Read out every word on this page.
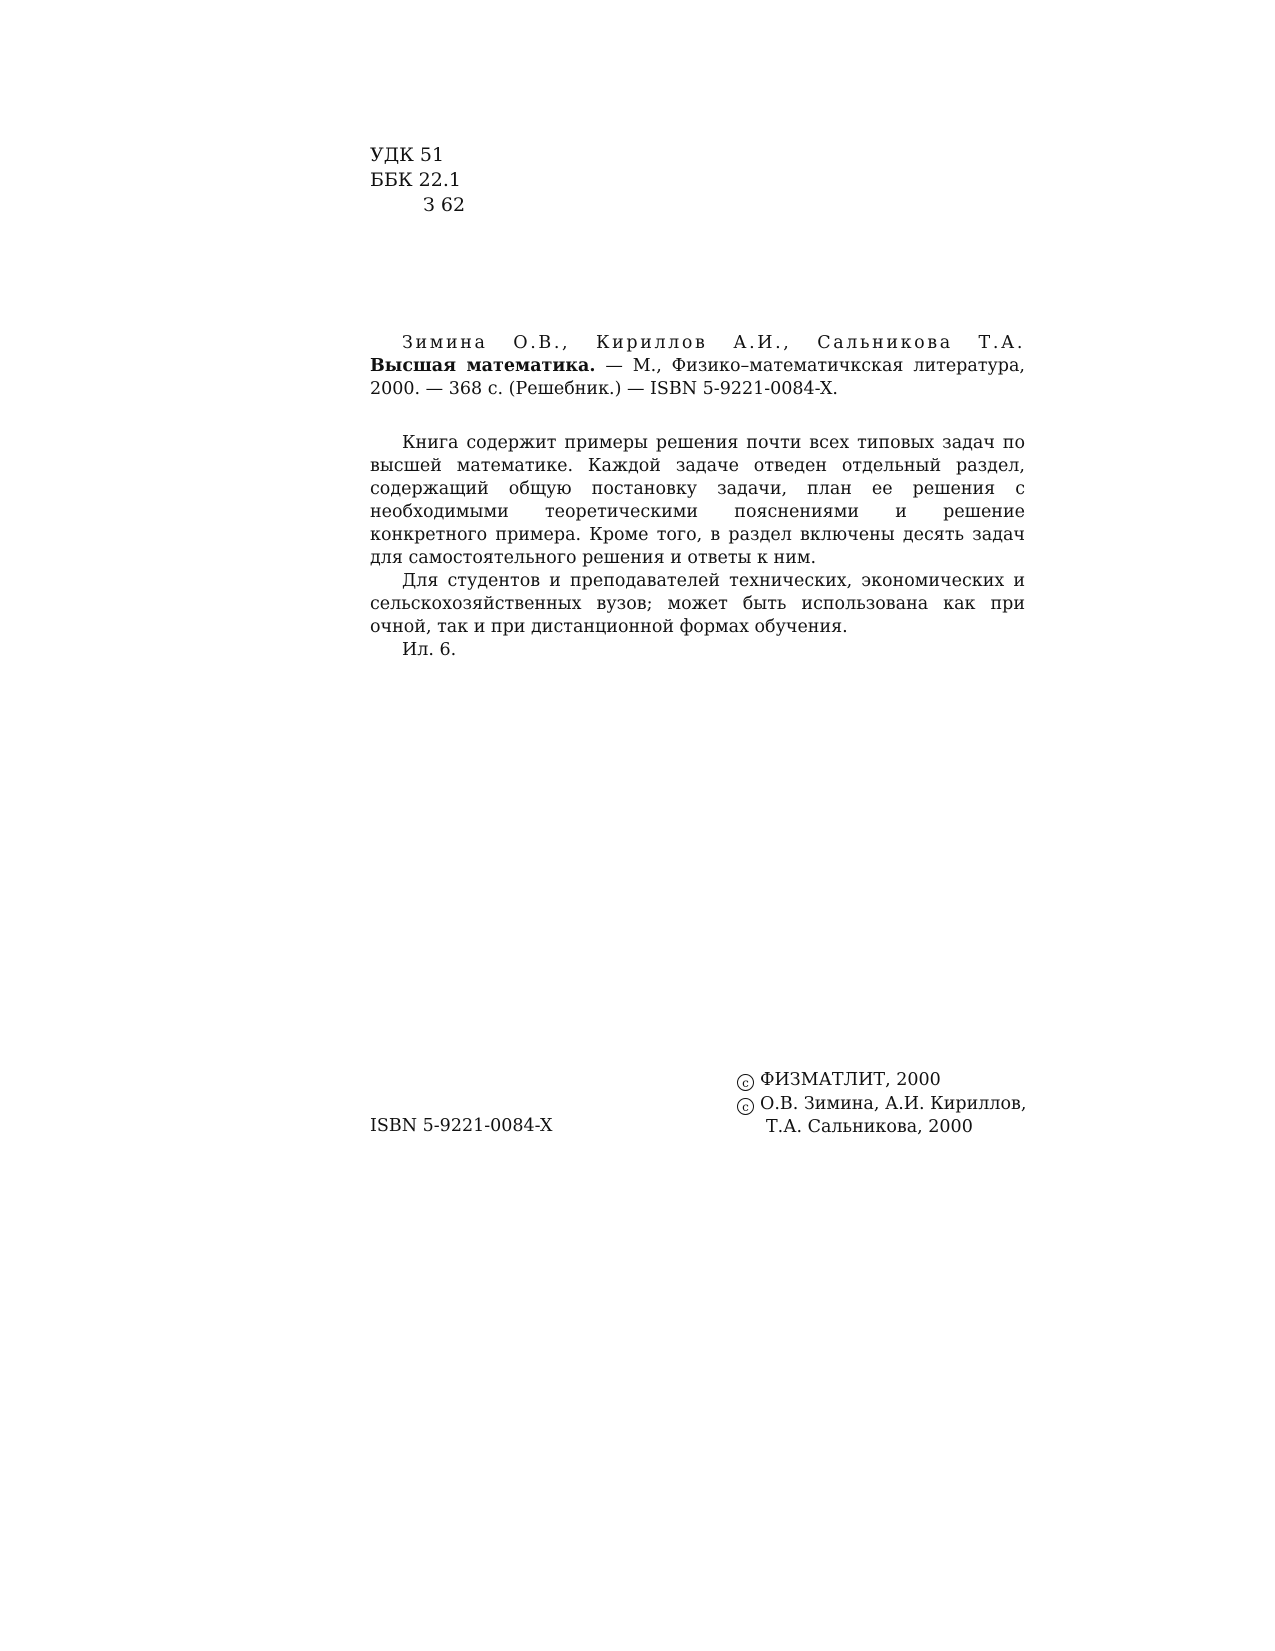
УДК 51
ББК 22.1
З 62
Зимина О.В., Кириллов А.И., Сальникова Т.А. Высшая математика. — М., Физико–математичкская литература, 2000. — 368 с. (Решебник.) — ISBN 5-9221-0084-X.

Книга содержит примеры решения почти всех типовых задач по высшей математике. Каждой задаче отведен отдельный раздел, содержащий общую постановку задачи, план ее решения с необходимыми теоретическими пояснениями и решение конкретного примера. Кроме того, в раздел включены десять задач для самостоятельного решения и ответы к ним.

Для студентов и преподавателей технических, экономических и сельскохозяйственных вузов; может быть использована как при очной, так и при дистанционной формах обучения.

Ил. 6.

ISBN 5-9221-0084-X
c ФИЗМАТЛИТ, 2000
c О.В. Зимина, А.И. Кириллов,
Т.А. Сальникова, 2000
